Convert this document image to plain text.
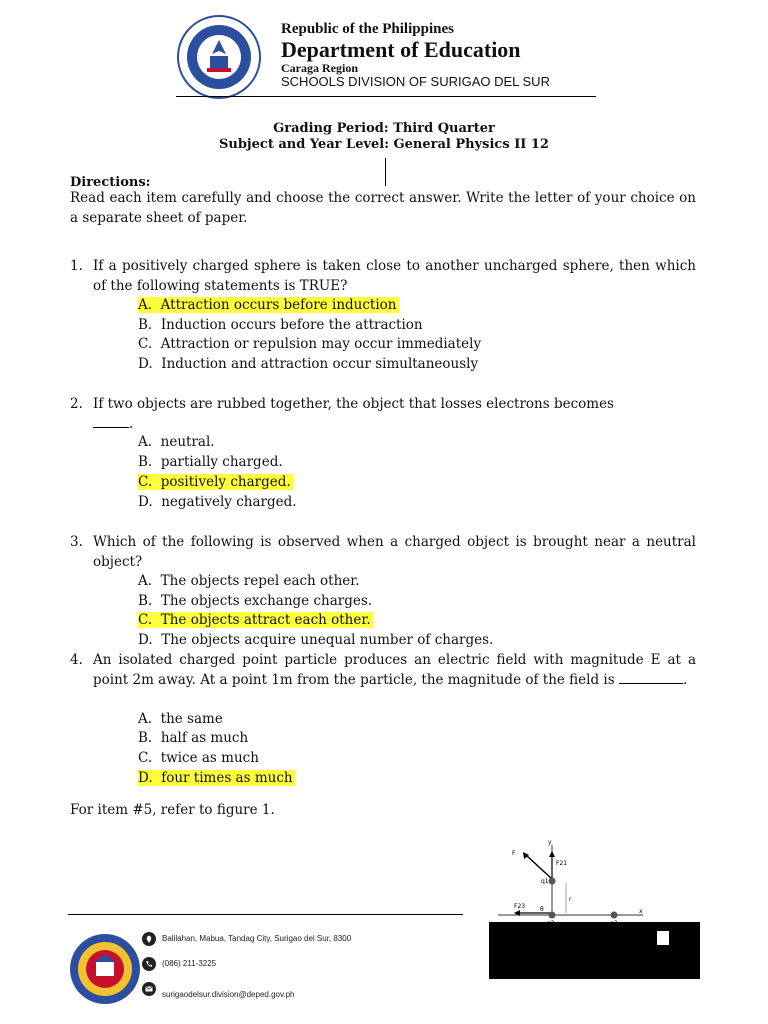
Republic of the Philippines
Department of Education
Caraga Region
SCHOOLS DIVISION OF SURIGAO DEL SUR
Grading Period: Third Quarter
Subject and Year Level: General Physics II 12
Directions:
Read each item carefully and choose the correct answer. Write the letter of your choice on a separate sheet of paper.
1. If a positively charged sphere is taken close to another uncharged sphere, then which of the following statements is TRUE?
A. Attraction occurs before induction
B. Induction occurs before the attraction
C. Attraction or repulsion may occur immediately
D. Induction and attraction occur simultaneously
2. If two objects are rubbed together, the object that losses electrons becomes
.
A. neutral.
B. partially charged.
C. positively charged.
D. negatively charged.
3. Which of the following is observed when a charged object is brought near a neutral object?
A. The objects repel each other.
B. The objects exchange charges.
C. The objects attract each other.
D. The objects acquire unequal number of charges.
4. An isolated charged point particle produces an electric field with magnitude E at a point 2m away. At a point 1m from the particle, the magnitude of the field is	.
A. the same
B. half as much
C. twice as much
D. four times as much
For item #5, refer to figure 1.
y
x
F21
F
F23
q1
r
θ
Balilahan, Mabua, Tandag City, Surigao del Sur, 8300
(086) 211-3225
surigaodelsur.division@deped.gov.ph
